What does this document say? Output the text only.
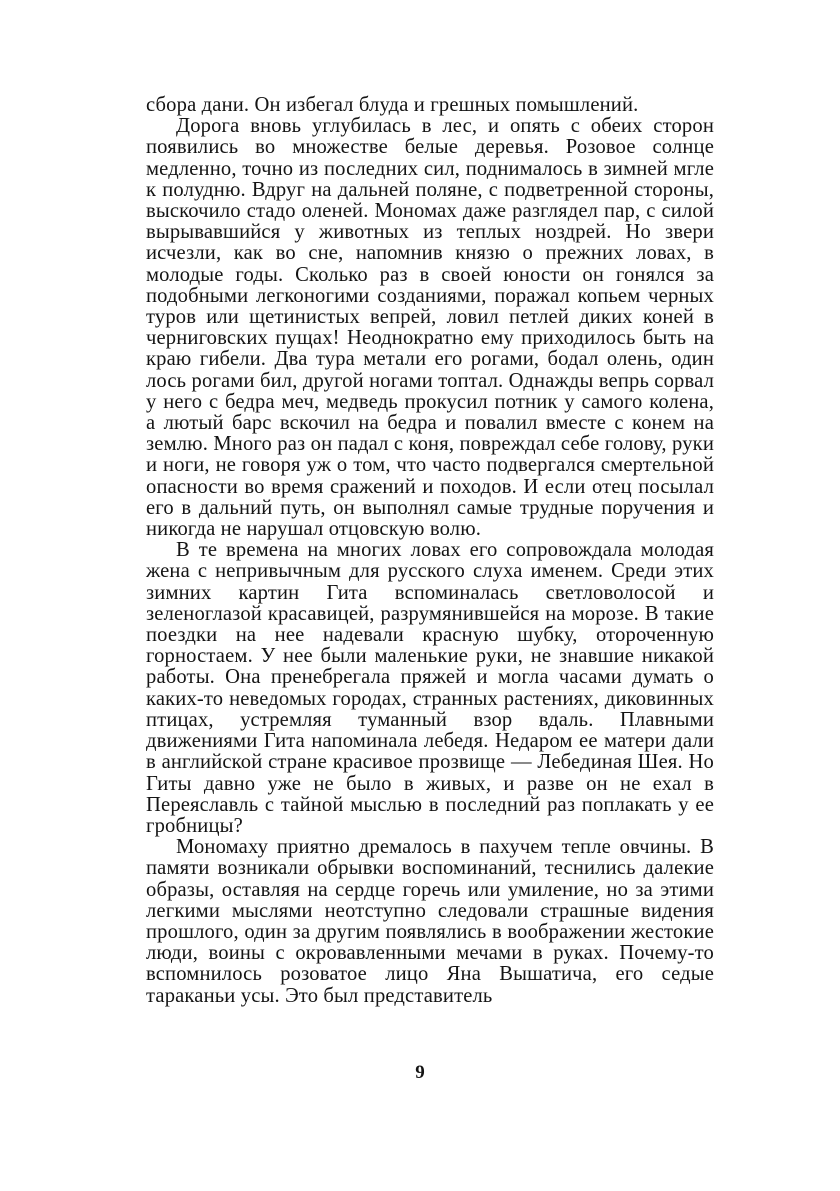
сбора дани. Он избегал блуда и грешных помышлений.

Дорога вновь углубилась в лес, и опять с обеих сторон появились во множестве белые деревья. Розовое солнце медленно, точно из последних сил, поднималось в зимней мгле к полудню. Вдруг на дальней поляне, с подветренной стороны, выскочило стадо оленей. Мономах даже разглядел пар, с силой вырывавшийся у животных из теплых ноздрей. Но звери исчезли, как во сне, напомнив князю о прежних ловах, в молодые годы. Сколько раз в своей юности он гонялся за подобными легконогими созданиями, поражал копьем черных туров или щетинистых вепрей, ловил петлей диких коней в черниговских пущах! Неоднократно ему приходилось быть на краю гибели. Два тура метали его рогами, бодал олень, один лось рогами бил, другой ногами топтал. Однажды вепрь сорвал у него с бедра меч, медведь прокусил потник у самого колена, а лютый барс вскочил на бедра и повалил вместе с конем на землю. Много раз он падал с коня, повреждал себе голову, руки и ноги, не говоря уж о том, что часто подвергался смертельной опасности во время сражений и походов. И если отец посылал его в дальний путь, он выполнял самые трудные поручения и никогда не нарушал отцовскую волю.

В те времена на многих ловах его сопровождала молодая жена с непривычным для русского слуха именем. Среди этих зимних картин Гита вспоминалась светловолосой и зеленоглазой красавицей, разрумянившейся на морозе. В такие поездки на нее надевали красную шубку, отороченную горностаем. У нее были маленькие руки, не знавшие никакой работы. Она пренебрегала пряжей и могла часами думать о каких-то неведомых городах, странных растениях, диковинных птицах, устремляя туманный взор вдаль. Плавными движениями Гита напоминала лебедя. Недаром ее матери дали в английской стране красивое прозвище — Лебединая Шея. Но Гиты давно уже не было в живых, и разве он не ехал в Переяславль с тайной мыслью в последний раз поплакать у ее гробницы?

Мономаху приятно дремалось в пахучем тепле овчины. В памяти возникали обрывки воспоминаний, теснились далекие образы, оставляя на сердце горечь или умиление, но за этими легкими мыслями неотступно следовали страшные видения прошлого, один за другим появлялись в воображении жестокие люди, воины с окровавленными мечами в руках. Почему-то вспомнилось розоватое лицо Яна Вышатича, его седые тараканьи усы. Это был представитель

9
